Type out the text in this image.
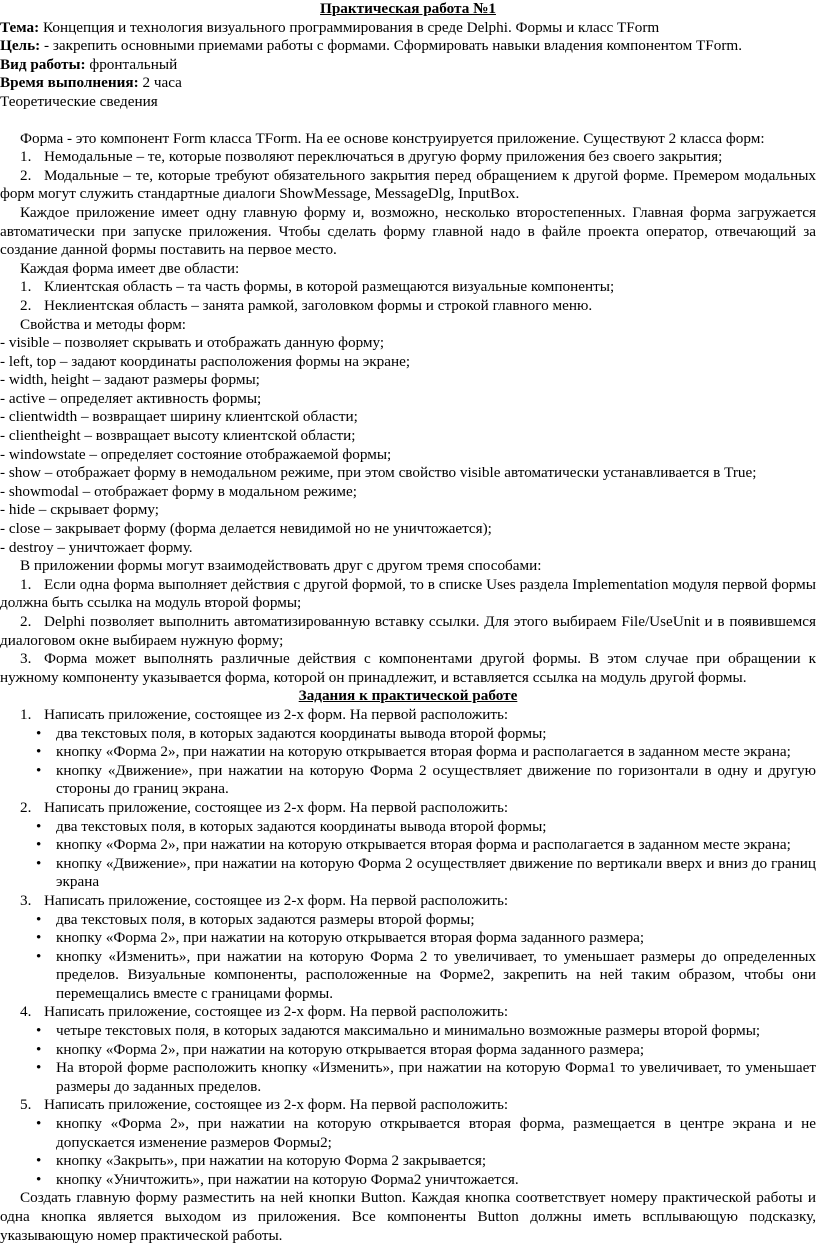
Практическая работа №1

Тема: Концепция и технология визуального программирования в среде Delphi. Формы и класс TForm

Цель: - закрепить основными приемами работы с формами. Сформировать навыки владения компонентом TForm.

Вид работы: фронтальный

Время выполнения: 2 часа

Теоретические сведения

Форма - это компонент Form класса TForm. На ее основе конструируется приложение. Существуют 2 класса форм:

1. Немодальные – те, которые позволяют переключаться в другую форму приложения без своего закрытия;

2. Модальные – те, которые требуют обязательного закрытия перед обращением к другой форме. Премером модальных форм могут служить стандартные диалоги ShowMessage, MessageDlg, InputBox.

Каждое приложение имеет одну главную форму и, возможно, несколько второстепенных. Главная форма загружается автоматически при запуске приложения. Чтобы сделать форму главной надо в файле проекта оператор, отвечающий за создание данной формы поставить на первое место.

Каждая форма имеет две области:

1. Клиентская область – та часть формы, в которой размещаются визуальные компоненты;

2. Неклиентская область – занята рамкой, заголовком формы и строкой главного меню.

Свойства и методы форм:

- visible – позволяет скрывать и отображать данную форму;

- left, top – задают координаты расположения формы на экране;

- width, height – задают размеры формы;

- active – определяет активность формы;

- clientwidth – возвращает ширину клиентской области;

- clientheight – возвращает высоту клиентской области;

- windowstate – определяет состояние отображаемой формы;

- show – отображает форму в немодальном режиме, при этом свойство visible автоматически устанавливается в True;

- showmodal – отображает форму в модальном режиме;

- hide – скрывает форму;

- close – закрывает форму (форма делается невидимой но не уничтожается);

- destroy – уничтожает форму.

В приложении формы могут взаимодействовать друг с другом тремя способами:

1. Если одна форма выполняет действия с другой формой, то в списке Uses раздела Implementation модуля первой формы должна быть ссылка на модуль второй формы;

2. Delphi позволяет выполнить автоматизированную вставку ссылки. Для этого выбираем File/UseUnit и в появившемся диалоговом окне выбираем нужную форму;

3. Форма может выполнять различные действия с компонентами другой формы. В этом случае при обращении к нужному компоненту указывается форма, которой он принадлежит, и вставляется ссылка на модуль другой формы.

Задания к практической работе

1. Написать приложение, состоящее из 2-х форм. На первой расположить:

• два текстовых поля, в которых задаются координаты вывода второй формы;

• кнопку «Форма 2», при нажатии на которую открывается вторая форма и располагается в заданном месте экрана;

• кнопку «Движение», при нажатии на которую Форма 2 осуществляет движение по горизонтали в одну и другую стороны до границ экрана.

2. Написать приложение, состоящее из 2-х форм. На первой расположить:

• два текстовых поля, в которых задаются координаты вывода второй формы;

• кнопку «Форма 2», при нажатии на которую открывается вторая форма и располагается в заданном месте экрана;

• кнопку «Движение», при нажатии на которую Форма 2 осуществляет движение по вертикали вверх и вниз до границ экрана

3. Написать приложение, состоящее из 2-х форм. На первой расположить:

• два текстовых поля, в которых задаются размеры второй формы;

• кнопку «Форма 2», при нажатии на которую открывается вторая форма заданного размера;

• кнопку «Изменить», при нажатии на которую Форма 2 то увеличивает, то уменьшает размеры до определенных пределов. Визуальные компоненты, расположенные на Форме2, закрепить на ней таким образом, чтобы они перемещались вместе с границами формы.

4. Написать приложение, состоящее из 2-х форм. На первой расположить:

• четыре текстовых поля, в которых задаются максимально и минимально возможные размеры второй формы;

• кнопку «Форма 2», при нажатии на которую открывается вторая форма заданного размера;

• На второй форме расположить кнопку «Изменить», при нажатии на которую Форма1 то увеличивает, то уменьшает размеры до заданных пределов.

5. Написать приложение, состоящее из 2-х форм. На первой расположить:

• кнопку «Форма 2», при нажатии на которую открывается вторая форма, размещается в центре экрана и не допускается изменение размеров Формы2;

• кнопку «Закрыть», при нажатии на которую Форма 2 закрывается;

• кнопку «Уничтожить», при нажатии на которую Форма2 уничтожается.

Создать главную форму разместить на ней кнопки Button. Каждая кнопка соответствует номеру практической работы и одна кнопка является выходом из приложения. Все компоненты Button должны иметь всплывающую подсказку, указывающую номер практической работы.
